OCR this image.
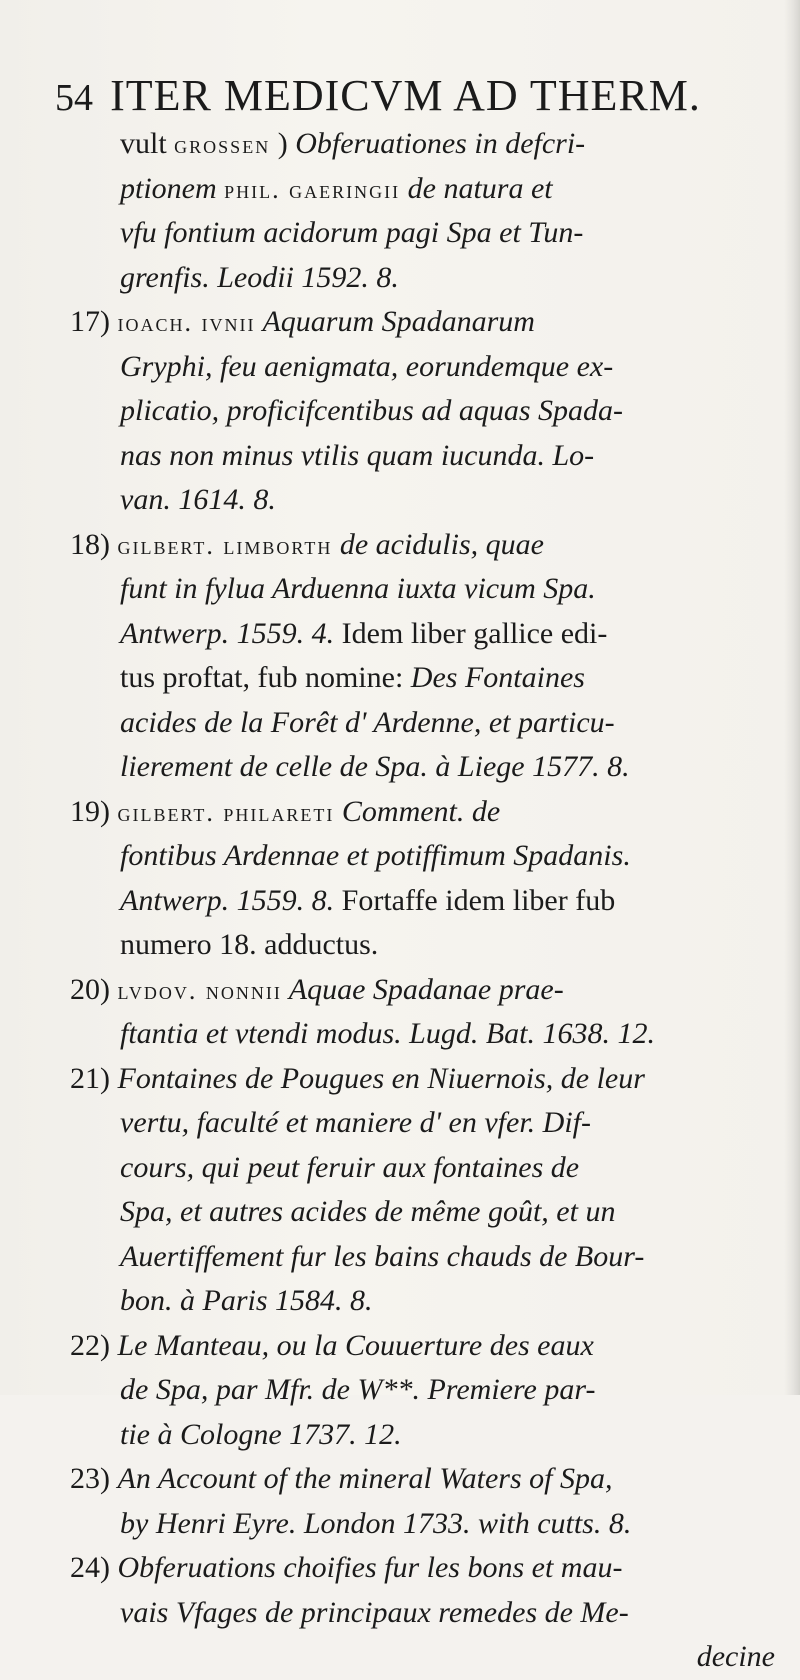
54 ITER MEDICVM AD THERM.
vult grossen ) Obferuationes in defcri-
ptionem phil. gaeringii de natura et
vfu fontium acidorum pagi Spa et Tun-
grenfis. Leodii 1592. 8.
17) ioach. ivnii Aquarum Spadanarum
Gryphi, feu aenigmata, eorundemque ex-
plicatio, proficifcentibus ad aquas Spada-
nas non minus vtilis quam iucunda. Lo-
van. 1614. 8.
18) gilbert. limborth de acidulis, quae
funt in fylua Arduenna iuxta vicum Spa.
Antwerp. 1559. 4. Idem liber gallice edi-
tus proftat, fub nomine: Des Fontaines
acides de la Forêt d' Ardenne, et particu-
lierement de celle de Spa. à Liege 1577. 8.
19) gilbert. philareti Comment. de
fontibus Ardennae et potiffimum Spadanis.
Antwerp. 1559. 8. Fortaffe idem liber fub
numero 18. adductus.
20) lvdov. nonnii Aquae Spadanae prae-
ftantia et vtendi modus. Lugd. Bat. 1638. 12.
21) Fontaines de Pougues en Niuernois, de leur
vertu, faculté et maniere d' en vfer. Dif-
cours, qui peut feruir aux fontaines de
Spa, et autres acides de même goût, et un
Auertiffement fur les bains chauds de Bour-
bon. à Paris 1584. 8.
22) Le Manteau, ou la Couuerture des eaux
de Spa, par Mfr. de W**. Premiere par-
tie à Cologne 1737. 12.
23) An Account of the mineral Waters of Spa,
by Henri Eyre. London 1733. with cutts. 8.
24) Obferuations choifies fur les bons et mau-
vais Vfages de principaux remedes de Me-
decine
